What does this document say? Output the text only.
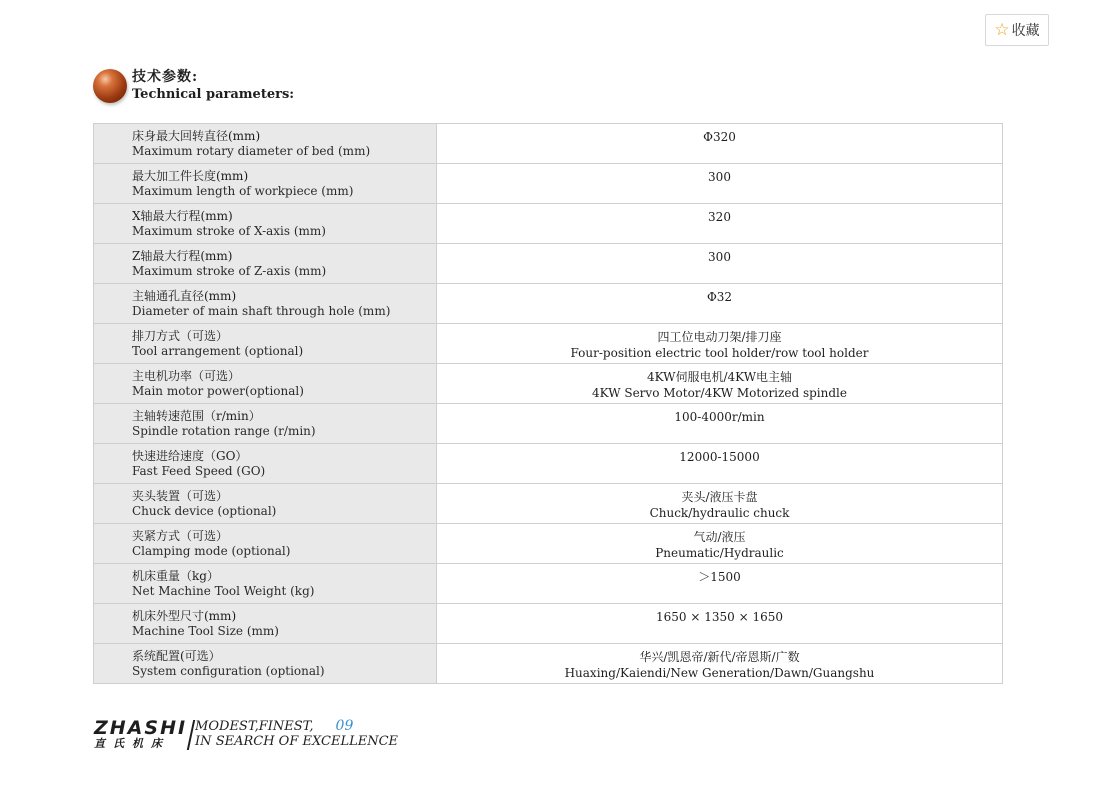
☆ 收藏
技术参数:
Technical parameters:
床身最大回转直径(mm)
Maximum rotary diameter of bed (mm)	Φ320

最大加工件长度(mm)
Maximum length of workpiece (mm)	300

X轴最大行程(mm)
Maximum stroke of X-axis (mm)	320

Z轴最大行程(mm)
Maximum stroke of Z-axis (mm)	300

主轴通孔直径(mm)
Diameter of main shaft through hole (mm)	Φ32

排刀方式（可选）
Tool arrangement (optional)	四工位电动刀架/排刀座
Four-position electric tool holder/row tool holder

主电机功率（可选）
Main motor power(optional)	4KW伺服电机/4KW电主轴
4KW Servo Motor/4KW Motorized spindle

主轴转速范围（r/min）
Spindle rotation range (r/min)	100-4000r/min

快速进给速度（GO）
Fast Feed Speed (GO)	12000-15000

夹头装置（可选）
Chuck device (optional)	夹头/液压卡盘
Chuck/hydraulic chuck

夹紧方式（可选）
Clamping mode (optional)	气动/液压
Pneumatic/Hydraulic

机床重量（kg）
Net Machine Tool Weight (kg)	＞1500

机床外型尺寸(mm)
Machine Tool Size (mm)	1650 × 1350 × 1650

系统配置(可选）
System configuration (optional)	华兴/凯恩帝/新代/帝恩斯/广数
Huaxing/Kaiendi/New Generation/Dawn/Guangshu
ZHASHI
直氏机床
MODEST,FINEST, 09
IN SEARCH OF EXCELLENCE
